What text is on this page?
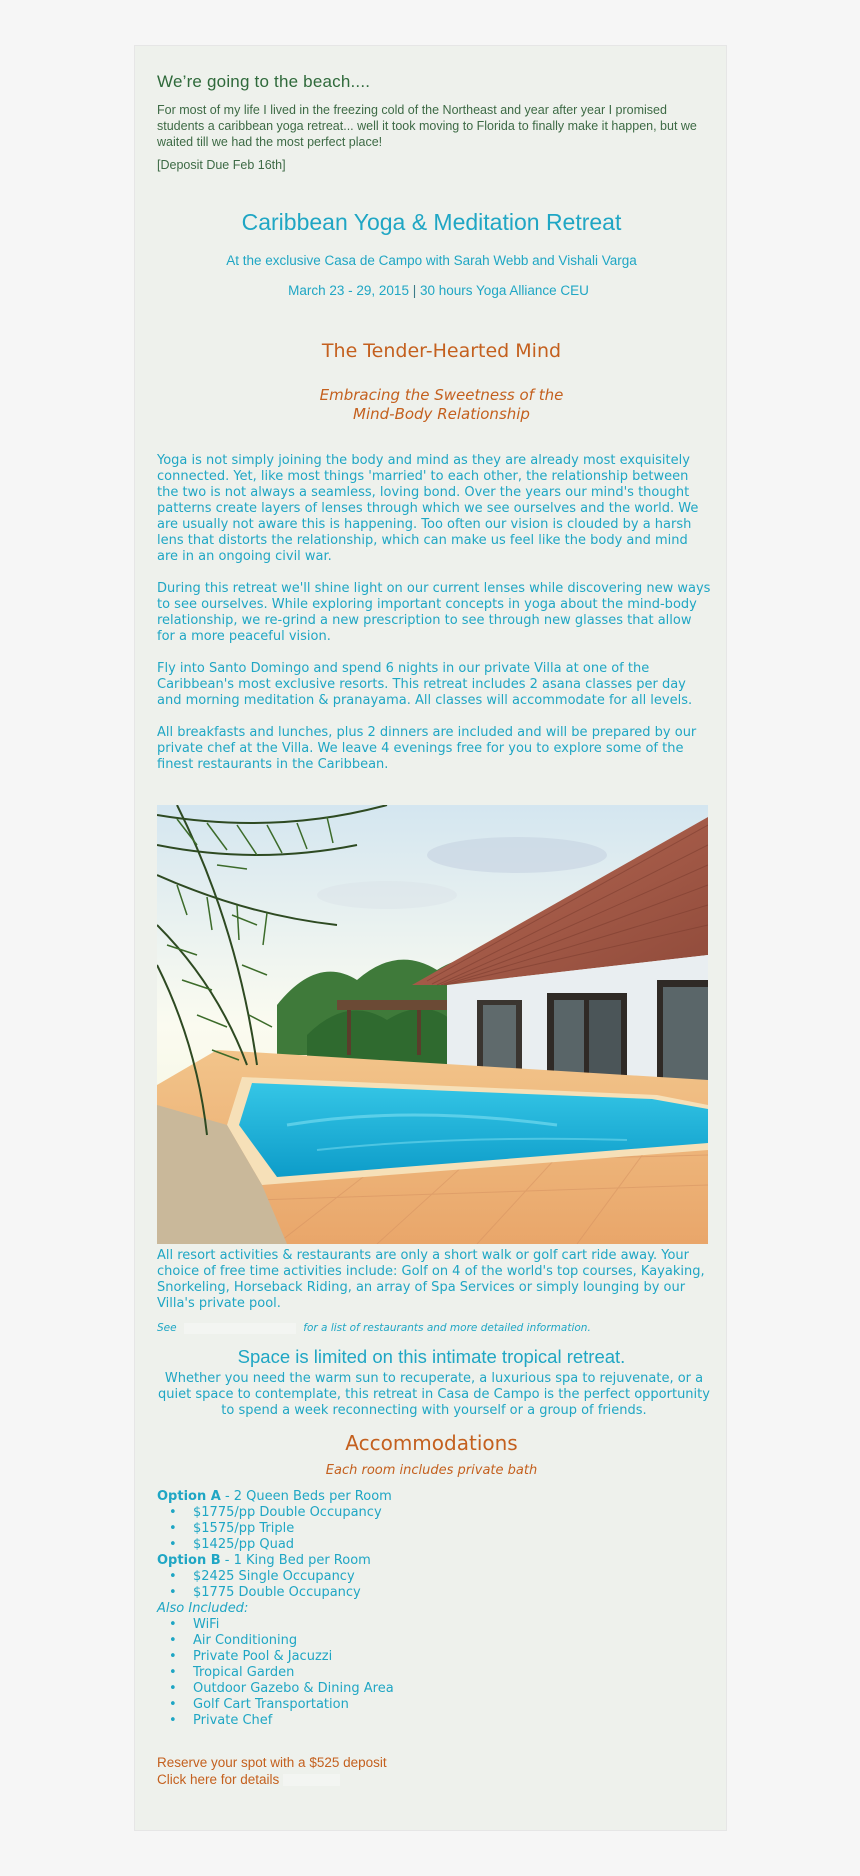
We’re going to the beach....
For most of my life I lived in the freezing cold of the Northeast and year after year I promised students a caribbean yoga retreat... well it took moving to Florida to finally make it happen, but we waited till we had the most perfect place!
[Deposit Due Feb 16th]
Caribbean Yoga & Meditation Retreat
At the exclusive Casa de Campo with Sarah Webb and Vishali Varga
March 23 - 29, 2015 | 30 hours Yoga Alliance CEU
The Tender-Hearted Mind
Embracing the Sweetness of the
Mind-Body Relationship
Yoga is not simply joining the body and mind as they are already most exquisitely connected. Yet, like most things 'married' to each other, the relationship between the two is not always a seamless, loving bond. Over the years our mind's thought patterns create layers of lenses through which we see ourselves and the world. We are usually not aware this is happening. Too often our vision is clouded by a harsh lens that distorts the relationship, which can make us feel like the body and mind are in an ongoing civil war.
During this retreat we'll shine light on our current lenses while discovering new ways to see ourselves. While exploring important concepts in yoga about the mind-body relationship, we re-grind a new prescription to see through new glasses that allow for a more peaceful vision.
Fly into Santo Domingo and spend 6 nights in our private Villa at one of the Caribbean's most exclusive resorts. This retreat includes 2 asana classes per day and morning meditation & pranayama. All classes will accommodate for all levels.
All breakfasts and lunches, plus 2 dinners are included and will be prepared by our private chef at the Villa. We leave 4 evenings free for you to explore some of the finest restaurants in the Caribbean.
All resort activities & restaurants are only a short walk or golf cart ride away. Your choice of free time activities include: Golf on 4 of the world's top courses, Kayaking, Snorkeling, Horseback Riding, an array of Spa Services or simply lounging by our Villa's private pool.
See	for a list of restaurants and more detailed information.
Space is limited on this intimate tropical retreat.
Whether you need the warm sun to recuperate, a luxurious spa to rejuvenate, or a quiet space to contemplate, this retreat in Casa de Campo is the perfect opportunity to spend a week reconnecting with yourself or a group of friends.
Accommodations
Each room includes private bath
Option A - 2 Queen Beds per Room
• $1775/pp Double Occupancy
• $1575/pp Triple
• $1425/pp Quad
Option B - 1 King Bed per Room
• $2425 Single Occupancy
• $1775 Double Occupancy
Also Included:
• WiFi
• Air Conditioning
• Private Pool & Jacuzzi
• Tropical Garden
• Outdoor Gazebo & Dining Area
• Golf Cart Transportation
• Private Chef
Reserve your spot with a $525 deposit
Click here for details
